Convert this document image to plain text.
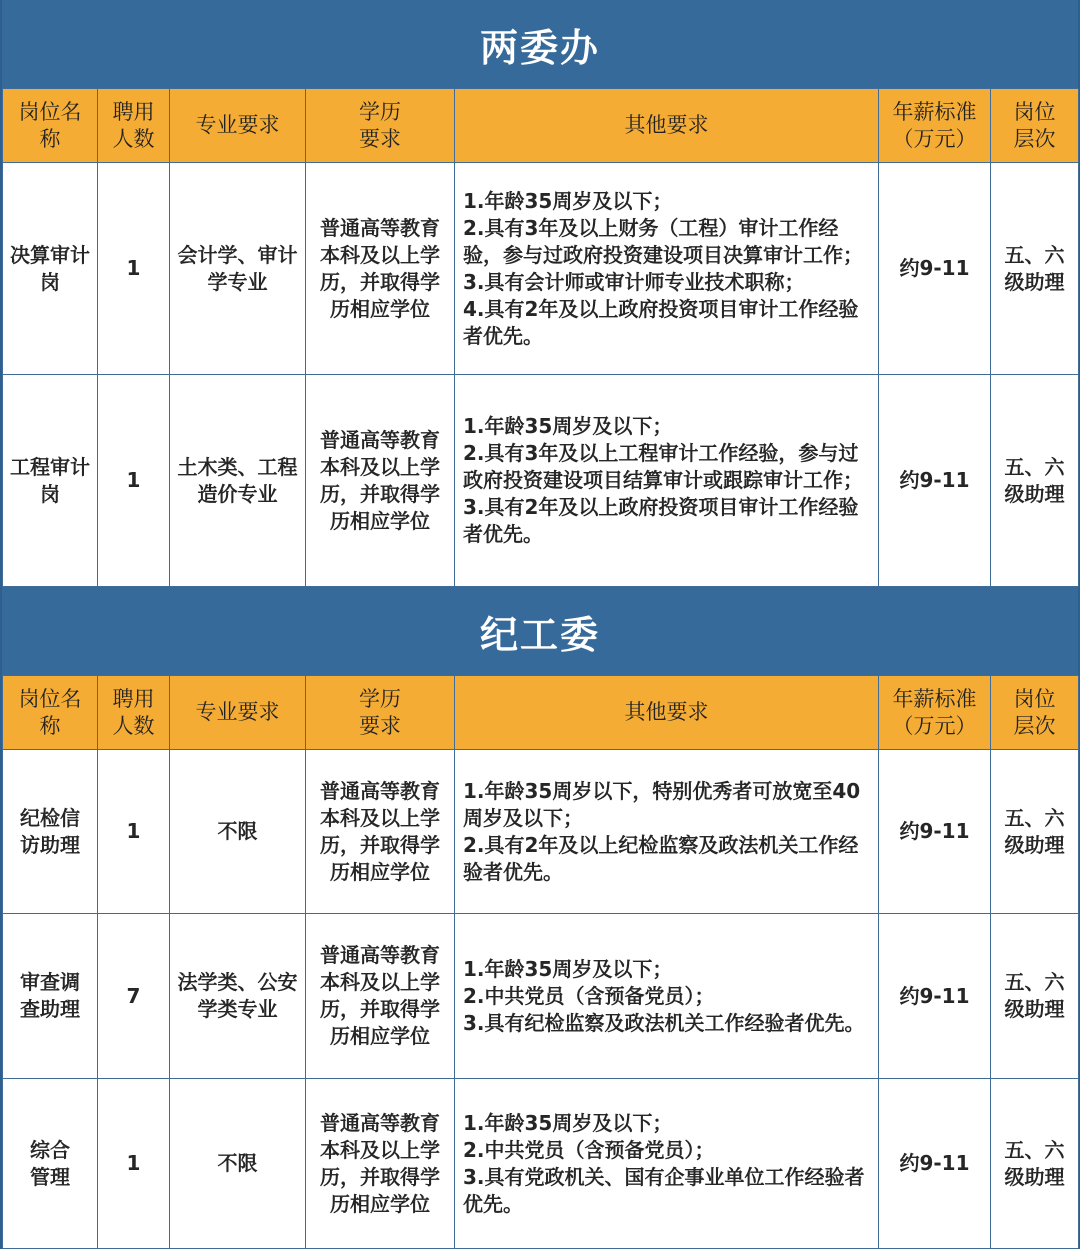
两委办
岗位名称	聘用人数	专业要求	学历要求	其他要求	年薪标准（万元）	岗位层次
决算审计岗	1	会计学、审计学专业	普通高等教育本科及以上学历，并取得学历相应学位	1.年龄35周岁及以下；
2.具有3年及以上财务（工程）审计工作经验，参与过政府投资建设项目决算审计工作；
3.具有会计师或审计师专业技术职称；
4.具有2年及以上政府投资项目审计工作经验者优先。	约9-11	五、六级助理
工程审计岗	1	土木类、工程造价专业	普通高等教育本科及以上学历，并取得学历相应学位	1.年龄35周岁及以下；
2.具有3年及以上工程审计工作经验，参与过政府投资建设项目结算审计或跟踪审计工作；
3.具有2年及以上政府投资项目审计工作经验者优先。	约9-11	五、六级助理
纪工委
岗位名称	聘用人数	专业要求	学历要求	其他要求	年薪标准（万元）	岗位层次
纪检信访助理	1	不限	普通高等教育本科及以上学历，并取得学历相应学位	1.年龄35周岁以下，特别优秀者可放宽至40周岁及以下；
2.具有2年及以上纪检监察及政法机关工作经验者优先。	约9-11	五、六级助理
审查调查助理	7	法学类、公安学类专业	普通高等教育本科及以上学历，并取得学历相应学位	1.年龄35周岁及以下；
2.中共党员（含预备党员）；
3.具有纪检监察及政法机关工作经验者优先。	约9-11	五、六级助理
综合管理	1	不限	普通高等教育本科及以上学历，并取得学历相应学位	1.年龄35周岁及以下；
2.中共党员（含预备党员）；
3.具有党政机关、国有企事业单位工作经验者优先。	约9-11	五、六级助理
